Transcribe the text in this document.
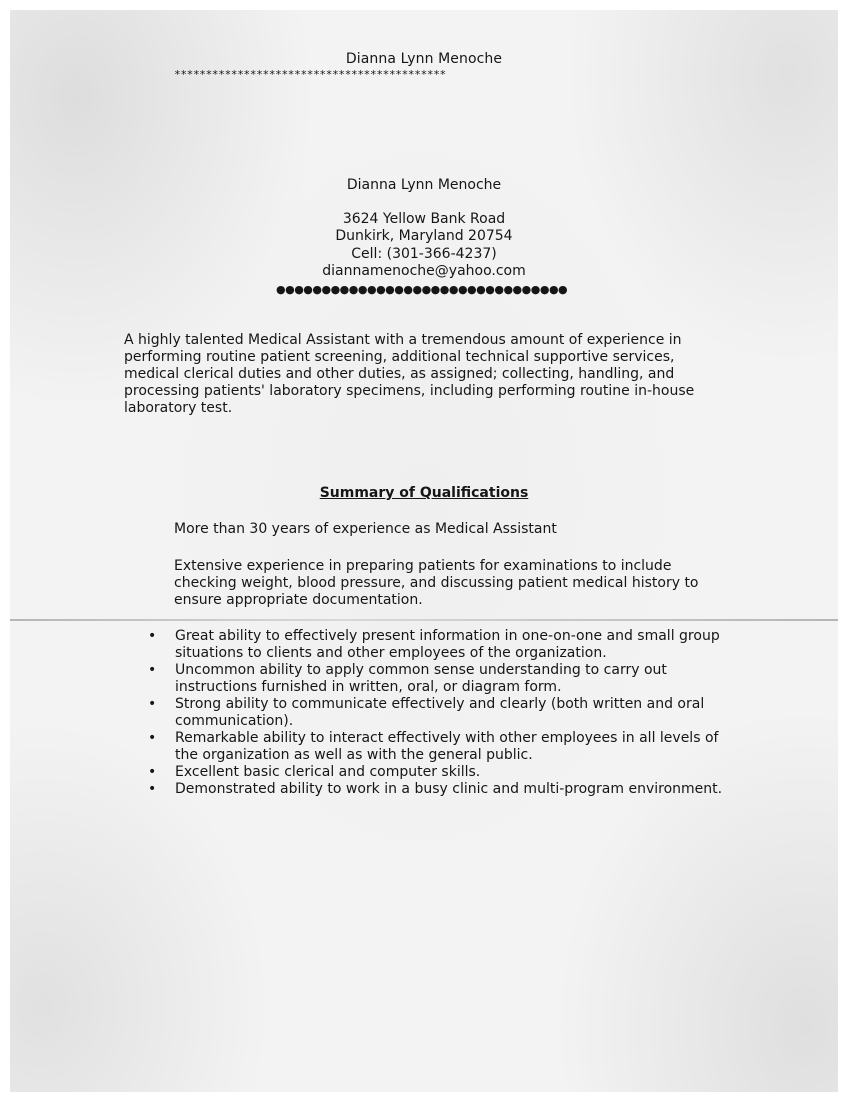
Dianna Lynn Menoche
*******************************************
Dianna Lynn Menoche
3624 Yellow Bank Road
Dunkirk, Maryland 20754
Cell: (301-366-4237)
diannamenoche@yahoo.com
●●●●●●●●●●●●●●●●●●●●●●●●●●●●●●●●
A highly talented Medical Assistant with a tremendous amount of experience in
performing routine patient screening, additional technical supportive services,
medical clerical duties and other duties, as assigned; collecting, handling, and
processing patients' laboratory specimens, including performing routine in-house
laboratory test.
Summary of Qualifications
More than 30 years of experience as Medical Assistant
Extensive experience in preparing patients for examinations to include
checking weight, blood pressure, and discussing patient medical history to
ensure appropriate documentation.
• Great ability to effectively present information in one-on-one and small group
situations to clients and other employees of the organization.
• Uncommon ability to apply common sense understanding to carry out
instructions furnished in written, oral, or diagram form.
• Strong ability to communicate effectively and clearly (both written and oral
communication).
• Remarkable ability to interact effectively with other employees in all levels of
the organization as well as with the general public.
• Excellent basic clerical and computer skills.
• Demonstrated ability to work in a busy clinic and multi-program environment.
